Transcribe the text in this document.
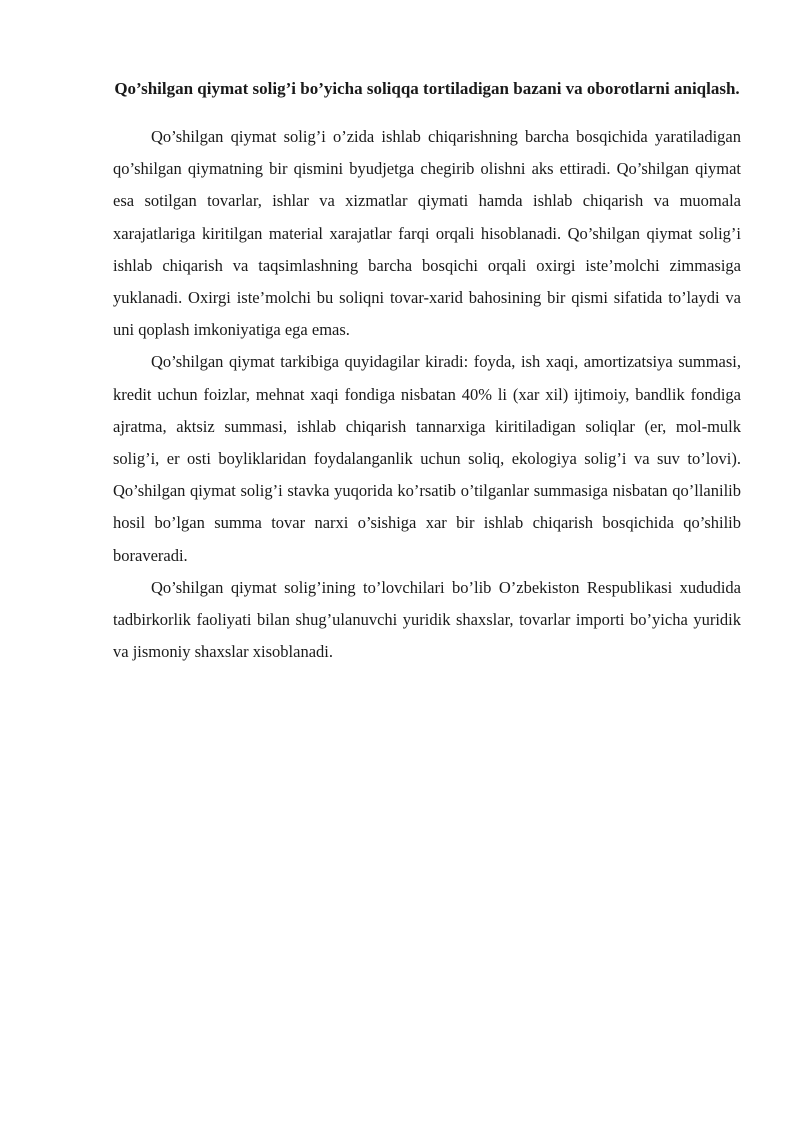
Qo’shilgan qiymat solig’i bo’yicha soliqqa tortiladigan bazani va oborotlarni aniqlash.

Qo’shilgan qiymat solig’i o’zida ishlab chiqarishning barcha bosqichida yaratiladigan qo’shilgan qiymatning bir qismini byudjetga chegirib olishni aks ettiradi. Qo’shilgan qiymat esa sotilgan tovarlar, ishlar va xizmatlar qiymati hamda ishlab chiqarish va muomala xarajatlariga kiritilgan material xarajatlar farqi orqali hisoblanadi. Qo’shilgan qiymat solig’i ishlab chiqarish va taqsimlashning barcha bosqichi orqali oxirgi iste’molchi zimmasiga yuklanadi. Oxirgi iste’molchi bu soliqni tovar-xarid bahosining bir qismi sifatida to’laydi va uni qoplash imkoniyatiga ega emas.

Qo’shilgan qiymat tarkibiga quyidagilar kiradi: foyda, ish xaqi, amortizatsiya summasi, kredit uchun foizlar, mehnat xaqi fondiga nisbatan 40% li (xar xil) ijtimoiy, bandlik fondiga ajratma, aktsiz summasi, ishlab chiqarish tannarxiga kiritiladigan soliqlar (er, mol-mulk solig’i, er osti boyliklaridan foydalanganlik uchun soliq, ekologiya solig’i va suv to’lovi). Qo’shilgan qiymat solig’i stavka yuqorida ko’rsatib o’tilganlar summasiga nisbatan qo’llanilib hosil bo’lgan summa tovar narxi o’sishiga xar bir ishlab chiqarish bosqichida qo’shilib boraveradi.

Qo’shilgan qiymat solig’ining to’lovchilari bo’lib O’zbekiston Respublikasi xududida tadbirkorlik faoliyati bilan shug’ulanuvchi yuridik shaxslar, tovarlar importi bo’yicha yuridik va jismoniy shaxslar xisoblanadi.
